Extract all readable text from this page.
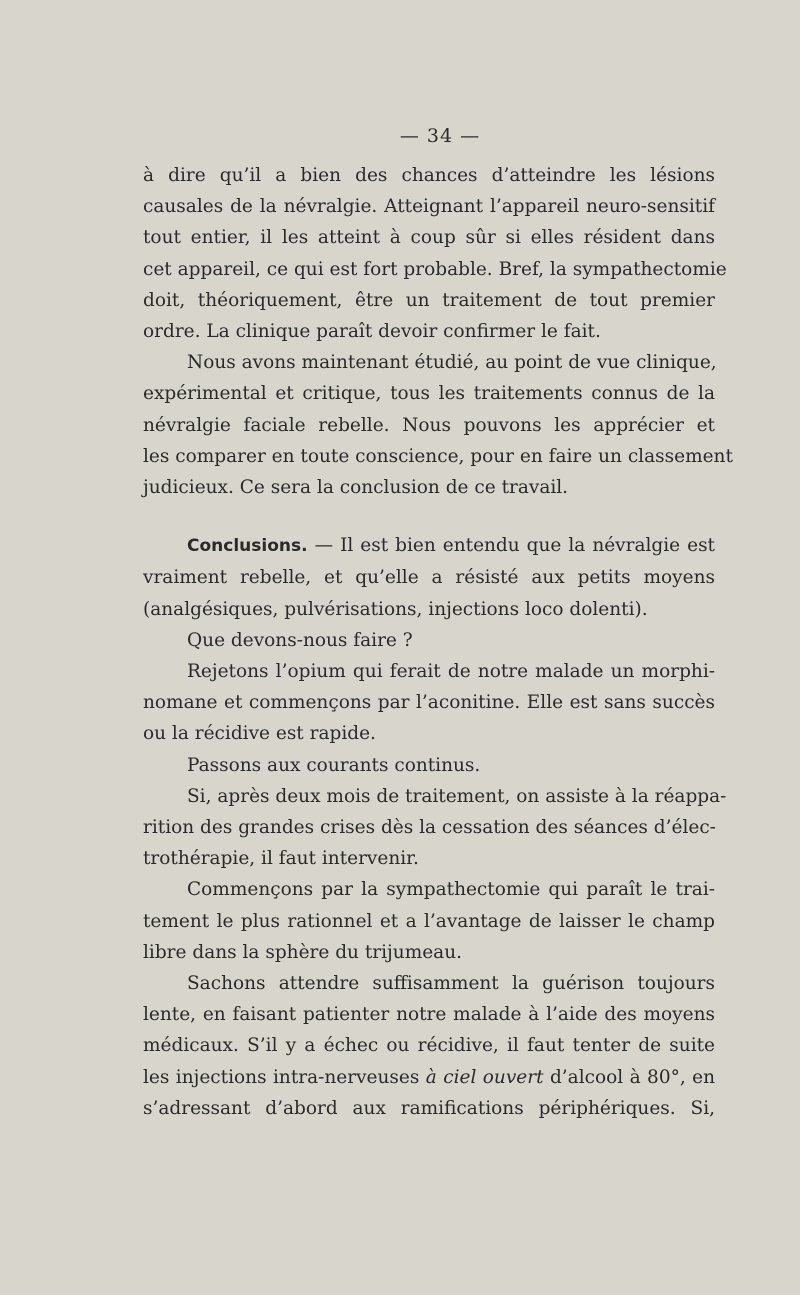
— 34 —
à dire qu’il a bien des chances d’atteindre les lésions
causales de la névralgie. Atteignant l’appareil neuro-sensitif
tout entier, il les atteint à coup sûr si elles résident dans
cet appareil, ce qui est fort probable. Bref, la sympathectomie
doit, théoriquement, être un traitement de tout premier
ordre. La clinique paraît devoir confirmer le fait.
Nous avons maintenant étudié, au point de vue clinique,
expérimental et critique, tous les traitements connus de la
névralgie faciale rebelle. Nous pouvons les apprécier et
les comparer en toute conscience, pour en faire un classement
judicieux. Ce sera la conclusion de ce travail.
Conclusions. — Il est bien entendu que la névralgie est
vraiment rebelle, et qu’elle a résisté aux petits moyens
(analgésiques, pulvérisations, injections loco dolenti).
Que devons-nous faire ?
Rejetons l’opium qui ferait de notre malade un morphi-
nomane et commençons par l’aconitine. Elle est sans succès
ou la récidive est rapide.
Passons aux courants continus.
Si, après deux mois de traitement, on assiste à la réappa-
rition des grandes crises dès la cessation des séances d’élec-
trothérapie, il faut intervenir.
Commençons par la sympathectomie qui paraît le trai-
tement le plus rationnel et a l’avantage de laisser le champ
libre dans la sphère du trijumeau.
Sachons attendre suffisamment la guérison toujours
lente, en faisant patienter notre malade à l’aide des moyens
médicaux. S’il y a échec ou récidive, il faut tenter de suite
les injections intra-nerveuses à ciel ouvert d’alcool à 80°, en
s’adressant d’abord aux ramifications périphériques. Si,
